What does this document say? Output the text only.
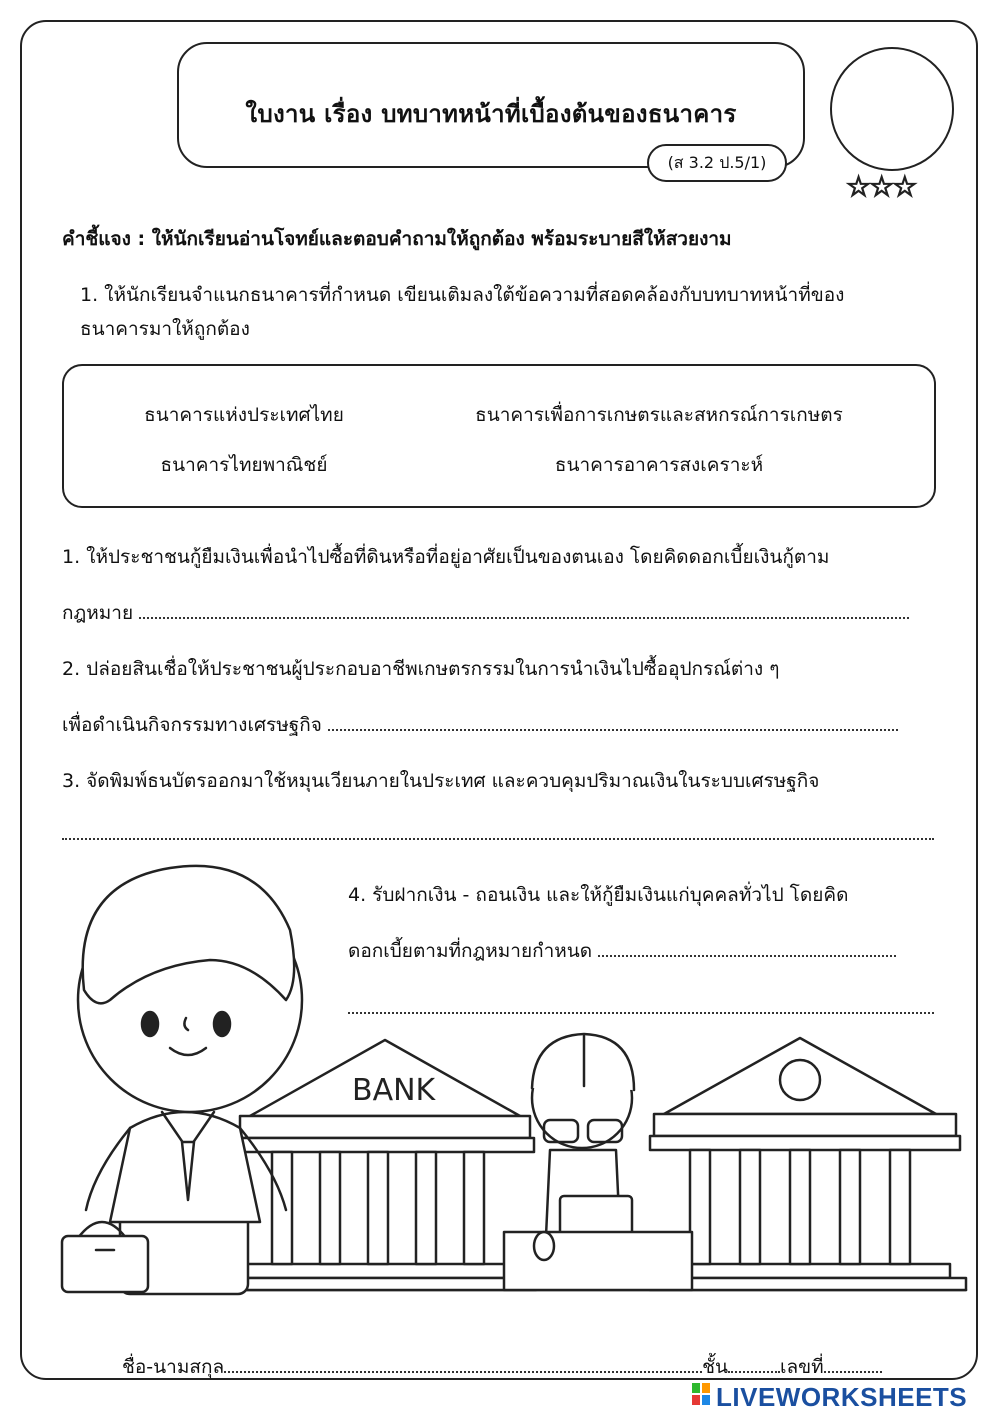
ใบงาน เรื่อง บทบาทหน้าที่เบื้องต้นของธนาคาร
(ส 3.2 ป.5/1)
☆☆☆
คำชี้แจง : ให้นักเรียนอ่านโจทย์และตอบคำถามให้ถูกต้อง พร้อมระบายสีให้สวยงาม
1. ให้นักเรียนจำแนกธนาคารที่กำหนด เขียนเติมลงใต้ข้อความที่สอดคล้องกับบทบาทหน้าที่ของ
ธนาคารมาให้ถูกต้อง
ธนาคารแห่งประเทศไทย	ธนาคารเพื่อการเกษตรและสหกรณ์การเกษตร
ธนาคารไทยพาณิชย์	ธนาคารอาคารสงเคราะห์
1. ให้ประชาชนกู้ยืมเงินเพื่อนำไปซื้อที่ดินหรือที่อยู่อาศัยเป็นของตนเอง โดยคิดดอกเบี้ยเงินกู้ตาม
กฎหมาย
2. ปล่อยสินเชื่อให้ประชาชนผู้ประกอบอาชีพเกษตรกรรมในการนำเงินไปซื้ออุปกรณ์ต่าง ๆ
เพื่อดำเนินกิจกรรมทางเศรษฐกิจ
3. จัดพิมพ์ธนบัตรออกมาใช้หมุนเวียนภายในประเทศ และควบคุมปริมาณเงินในระบบเศรษฐกิจ
4. รับฝากเงิน - ถอนเงิน และให้กู้ยืมเงินแก่บุคคลทั่วไป โดยคิด
ดอกเบี้ยตามที่กฎหมายกำหนด
BANK
ชื่อ-นามสกุล	ชั้น	เลขที่
LIVEWORKSHEETS
